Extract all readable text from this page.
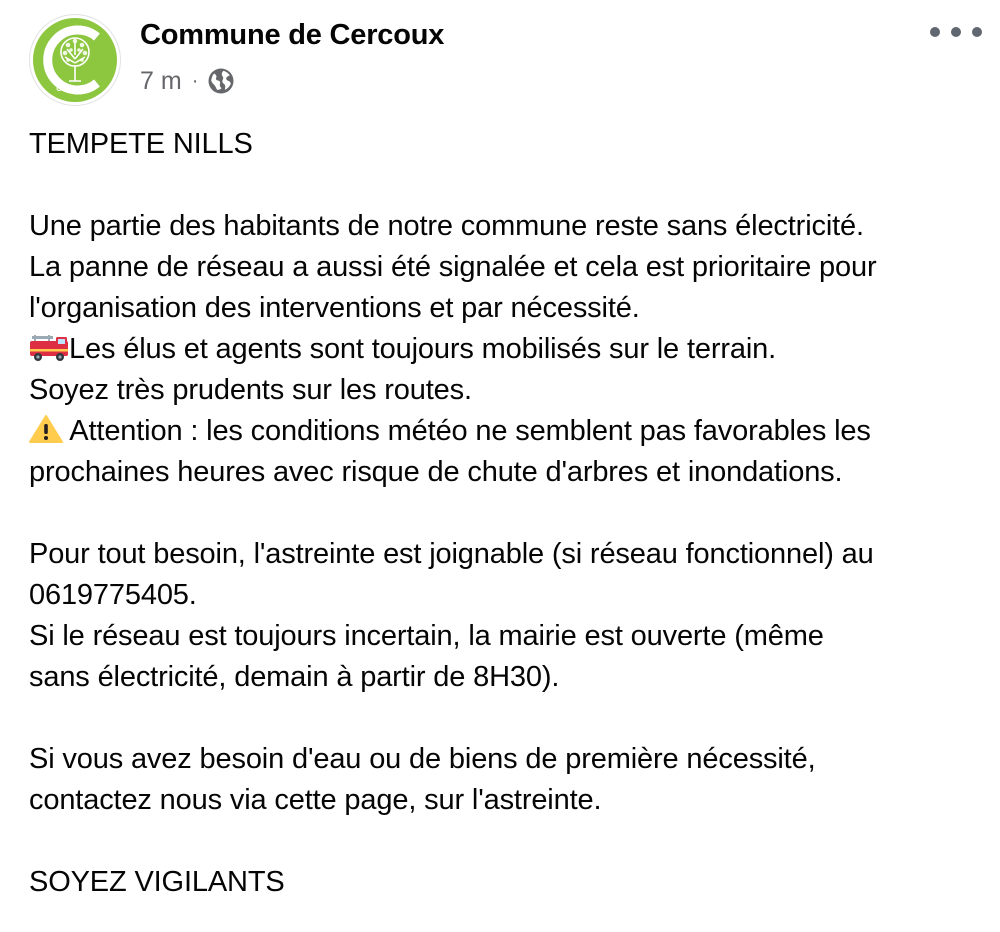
CERCOUX
Commune de Cercoux
7 m ·
TEMPETE NILLS
Une partie des habitants de notre commune reste sans électricité.
La panne de réseau a aussi été signalée et cela est prioritaire pour
l'organisation des interventions et par nécessité.
Les élus et agents sont toujours mobilisés sur le terrain.
Soyez très prudents sur les routes.
Attention : les conditions météo ne semblent pas favorables les
prochaines heures avec risque de chute d'arbres et inondations.
Pour tout besoin, l'astreinte est joignable (si réseau fonctionnel) au
0619775405.
Si le réseau est toujours incertain, la mairie est ouverte (même
sans électricité, demain à partir de 8H30).
Si vous avez besoin d'eau ou de biens de première nécessité,
contactez nous via cette page, sur l'astreinte.
SOYEZ VIGILANTS
